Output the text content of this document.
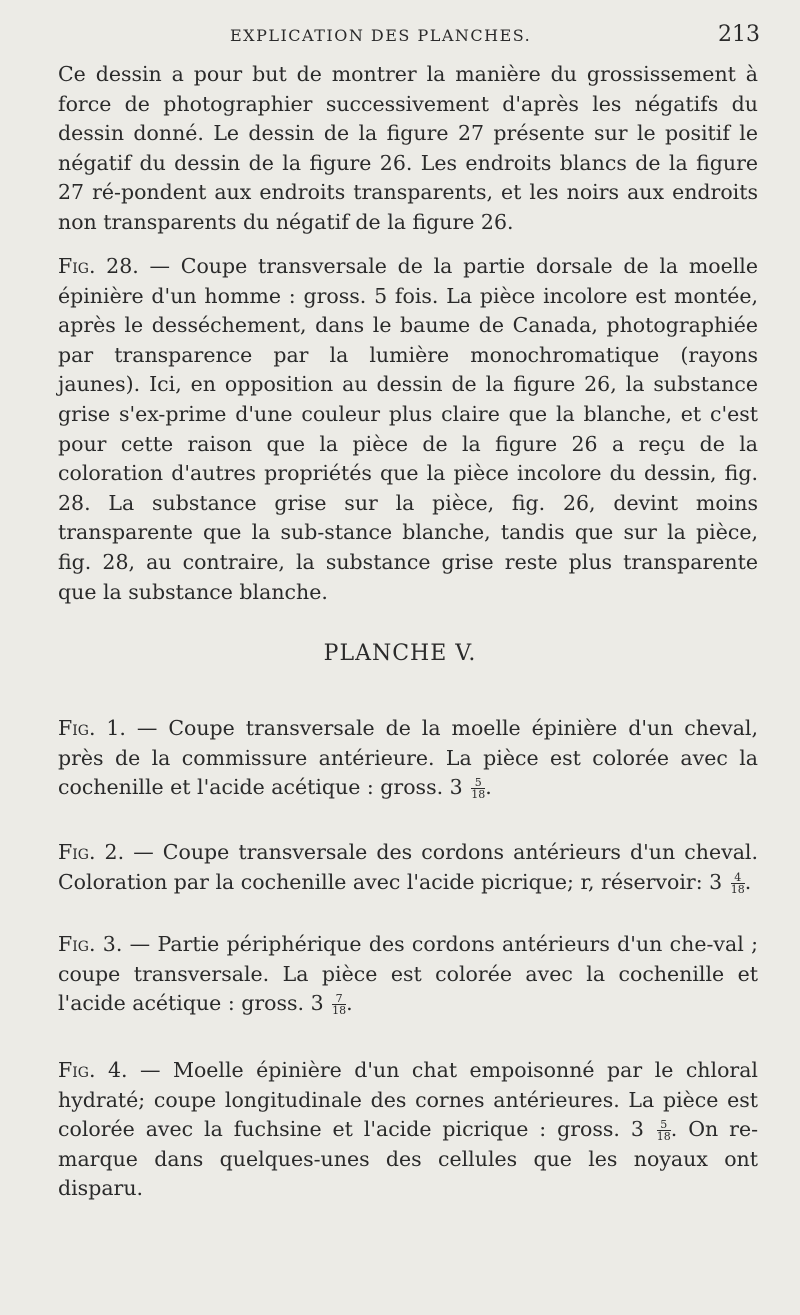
EXPLICATION DES PLANCHES.	213

Ce dessin a pour but de montrer la manière du grossissement à force de photographier successivement d'après les négatifs du dessin donné. Le dessin de la figure 27 présente sur le positif le négatif du dessin de la figure 26. Les endroits blancs de la figure 27 ré-pondent aux endroits transparents, et les noirs aux endroits non transparents du négatif de la figure 26.

Fig. 28. — Coupe transversale de la partie dorsale de la moelle épinière d'un homme : gross. 5 fois. La pièce incolore est montée, après le desséchement, dans le baume de Canada, photographiée par transparence par la lumière monochromatique (rayons jaunes). Ici, en opposition au dessin de la figure 26, la substance grise s'ex-prime d'une couleur plus claire que la blanche, et c'est pour cette raison que la pièce de la figure 26 a reçu de la coloration d'autres propriétés que la pièce incolore du dessin, fig. 28. La substance grise sur la pièce, fig. 26, devint moins transparente que la sub-stance blanche, tandis que sur la pièce, fig. 28, au contraire, la substance grise reste plus transparente que la substance blanche.

PLANCHE V.

Fig. 1. — Coupe transversale de la moelle épinière d'un cheval, près de la commissure antérieure. La pièce est colorée avec la cochenille et l'acide acétique : gross. $3 \frac{5}{18}$ .

Fig. 2. — Coupe transversale des cordons antérieurs d'un cheval. Coloration par la cochenille avec l'acide picrique; r, réservoir: $3 \frac{4}{18}$ .

Fig. 3. — Partie périphérique des cordons antérieurs d'un che-val ; coupe transversale. La pièce est colorée avec la cochenille et l'acide acétique : gross. $3 \frac{7}{18}$ .

Fig. 4. — Moelle épinière d'un chat empoisonné par le chloral hydraté; coupe longitudinale des cornes antérieures. La pièce est colorée avec la fuchsine et l'acide picrique : gross. $3 \frac{5}{18}$ . On re-marque dans quelques-unes des cellules que les noyaux ont disparu.
